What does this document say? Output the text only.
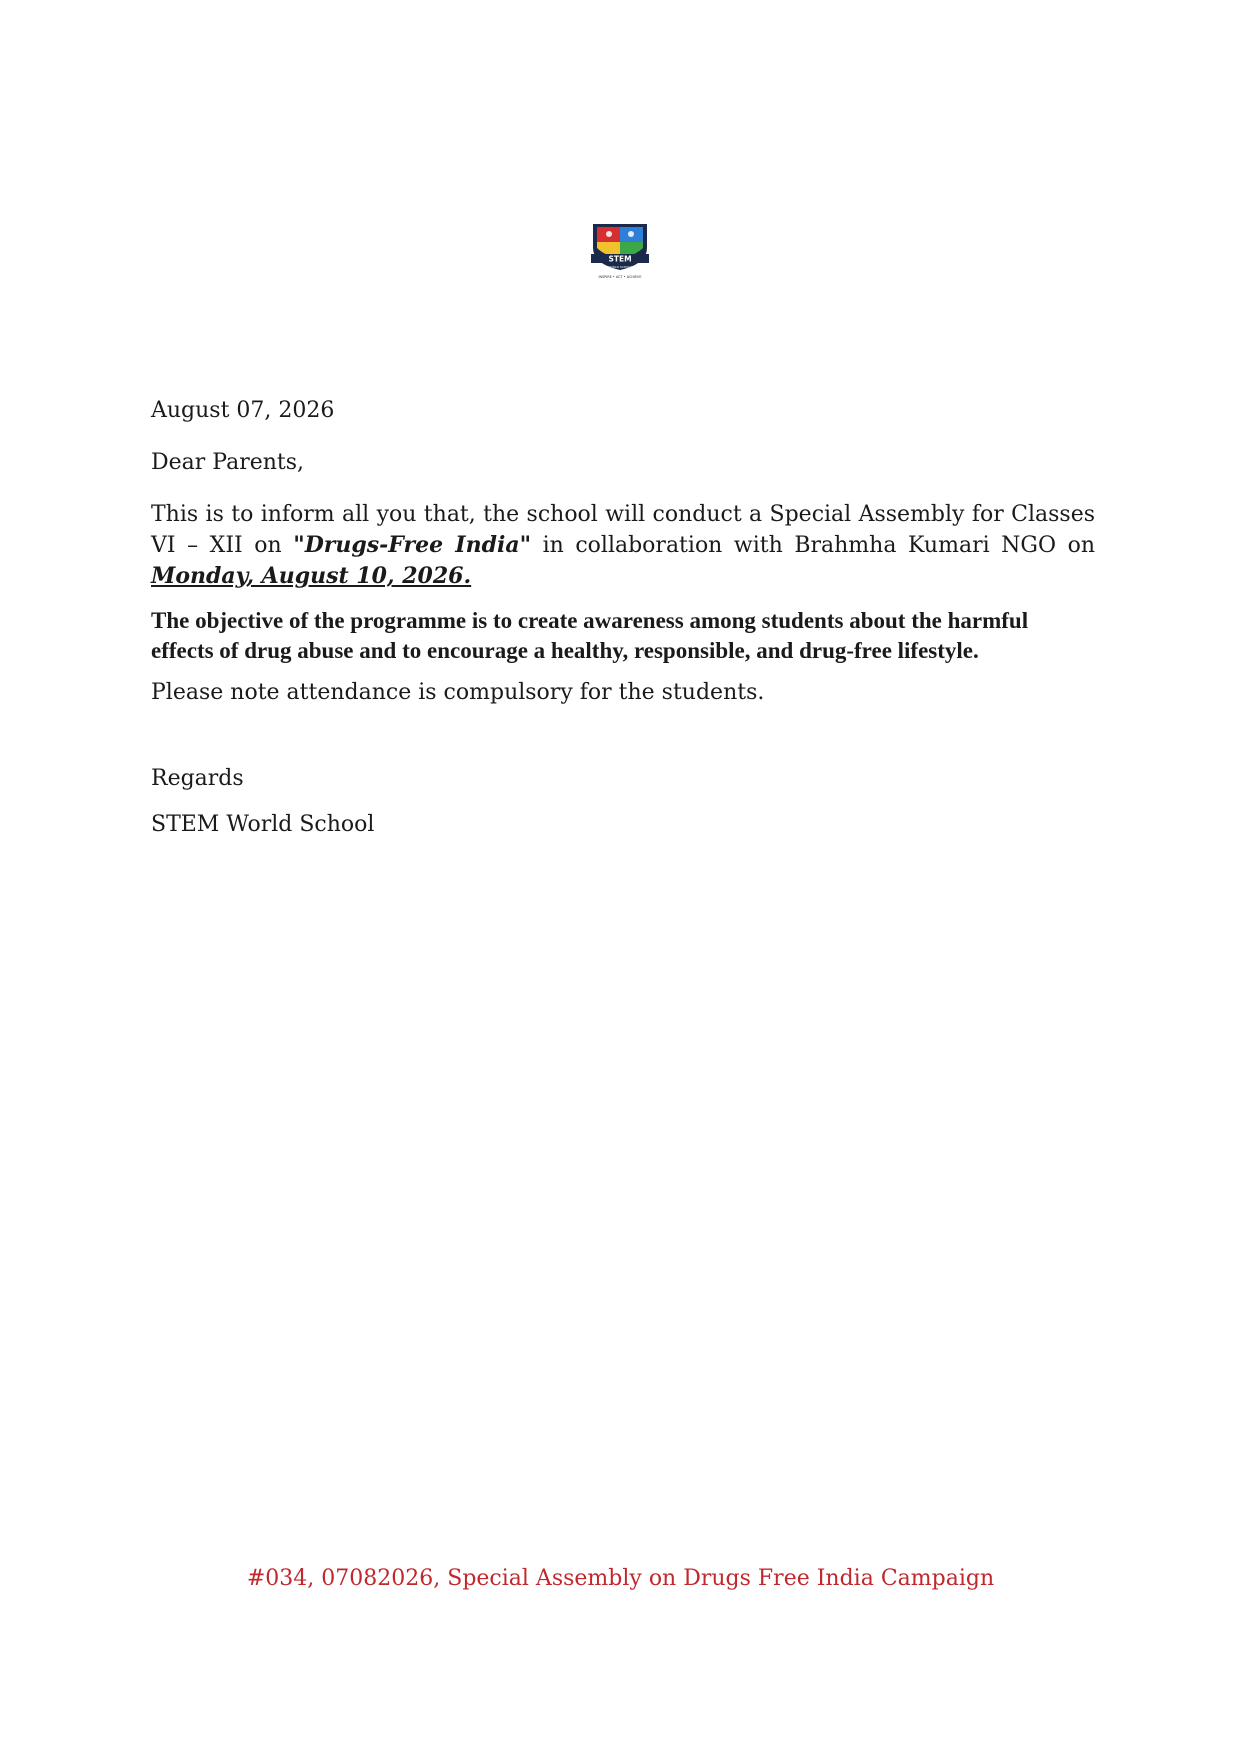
STEM
WORLD SCHOOL
INSPIRE • ACT • ACHIEVE

August 07, 2026

Dear Parents,

This is to inform all you that, the school will conduct a Special Assembly for Classes VI – XII on "Drugs-Free India" in collaboration with Brahmha Kumari NGO on Monday, August 10, 2026.

The objective of the programme is to create awareness among students about the harmful effects of drug abuse and to encourage a healthy, responsible, and drug-free lifestyle.

Please note attendance is compulsory for the students.

Regards

STEM World School

#034, 07082026, Special Assembly on Drugs Free India Campaign
